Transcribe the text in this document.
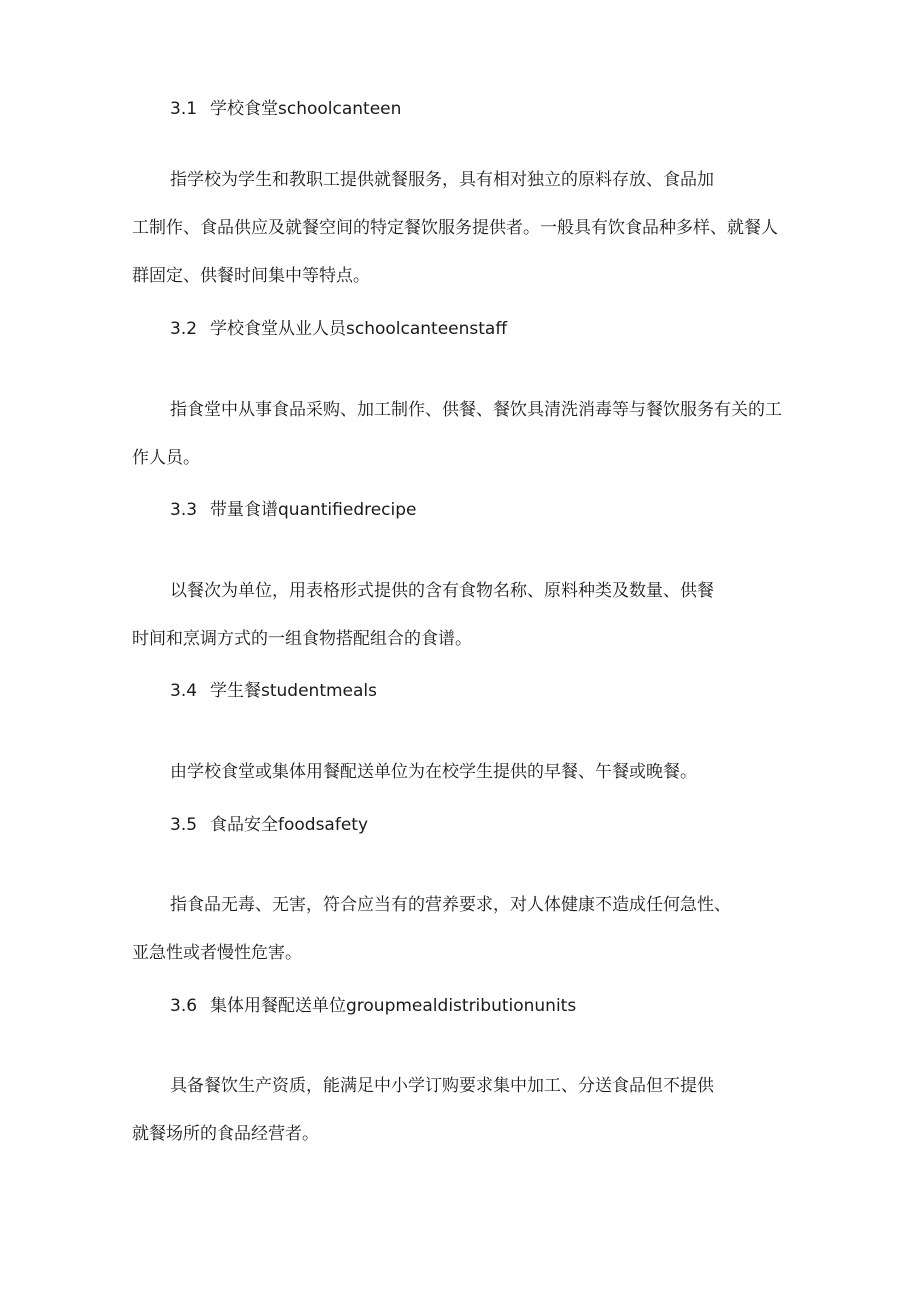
3.1 学校食堂schoolcanteen
指学校为学生和教职工提供就餐服务，具有相对独立的原料存放、食品加
工制作、食品供应及就餐空间的特定餐饮服务提供者。一般具有饮食品种多样、就餐人
群固定、供餐时间集中等特点。
3.2 学校食堂从业人员schoolcanteenstaff
指食堂中从事食品采购、加工制作、供餐、餐饮具清洗消毒等与餐饮服务有关的工
作人员。
3.3 带量食谱quantifiedrecipe
以餐次为单位，用表格形式提供的含有食物名称、原料种类及数量、供餐
时间和烹调方式的一组食物搭配组合的食谱。
3.4 学生餐studentmeals
由学校食堂或集体用餐配送单位为在校学生提供的早餐、午餐或晚餐。
3.5 食品安全foodsafety
指食品无毒、无害，符合应当有的营养要求，对人体健康不造成任何急性、
亚急性或者慢性危害。
3.6 集体用餐配送单位groupmealdistributionunits
具备餐饮生产资质，能满足中小学订购要求集中加工、分送食品但不提供
就餐场所的食品经营者。
